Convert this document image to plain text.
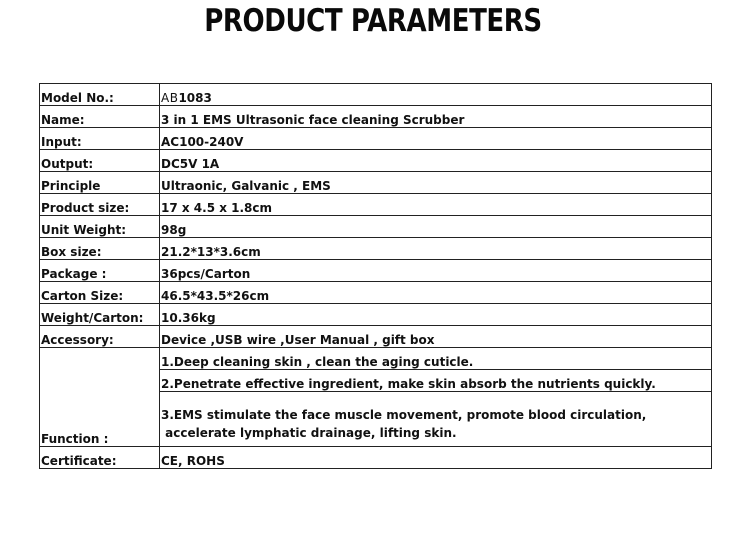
PRODUCT PARAMETERS
Model No.:	AB1083
Name:	3 in 1 EMS Ultrasonic face cleaning Scrubber
Input:	AC100-240V
Output:	DC5V 1A
Principle	Ultraonic, Galvanic , EMS
Product size:	17 x 4.5 x 1.8cm
Unit Weight:	98g
Box size:	21.2*13*3.6cm
Package :	36pcs/Carton
Carton Size:	46.5*43.5*26cm
Weight/Carton:	10.36kg
Accessory:	Device ,USB wire ,User Manual , gift box
Function :	1.Deep cleaning skin , clean the aging cuticle.
	2.Penetrate effective ingredient, make skin absorb the nutrients quickly.

	3.EMS stimulate the face muscle movement, promote blood circulation,
accelerate lymphatic drainage, lifting skin.

Certificate:	CE, ROHS
